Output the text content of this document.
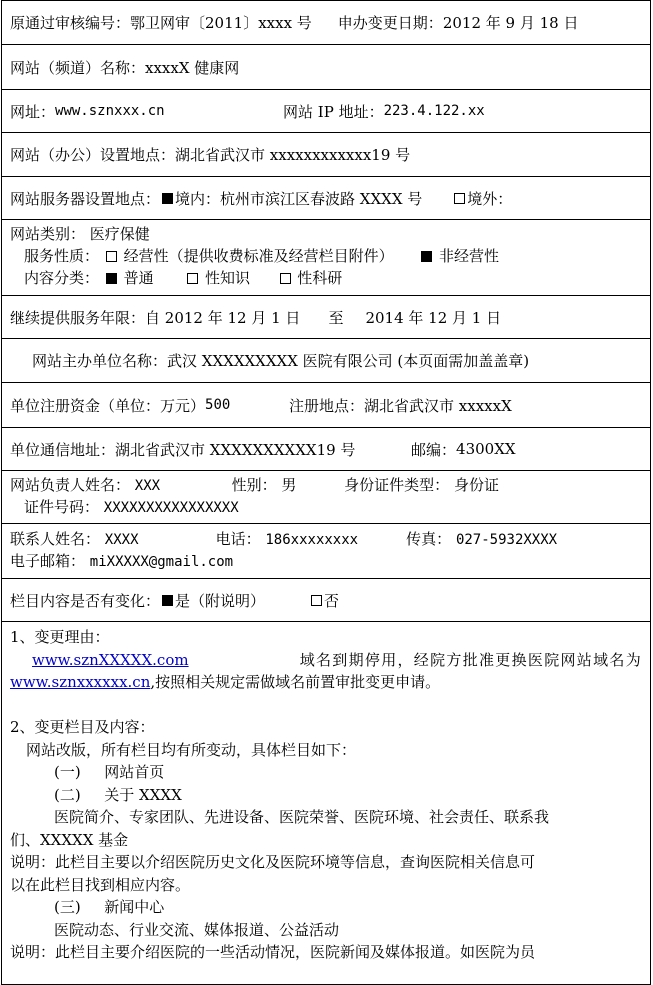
原通过审核编号： 鄂卫网审〔2011〕xxxx 号 申办变更日期： 2012 年 9 月 18 日
网站（频道）名称： xxxxX 健康网
网址： www.sznxxx.cn	网站 IP 地址： 223.4.122.xx
网站（办公）设置地点： 湖北省武汉市 xxxxxxxxxxxx19 号
网站服务器设置地点： 境内： 杭州市滨江区春波路 XXXX 号	境外：
网站类别： 医疗保健
服务性质： 经营性（提供收费标准及经营栏目附件）	非经营性
内容分类： 普通	性知识	性科研
继续提供服务年限： 自 2012 年 12 月 1 日 至 2014 年 12 月 1 日
网站主办单位名称： 武汉 XXXXXXXXX 医院有限公司 (本页面需加盖盖章)
单位注册资金（单位：万元） 500	注册地点： 湖北省武汉市 xxxxxX
单位通信地址： 湖北省武汉市 XXXXXXXXXX19 号	邮编： 4300XX
网站负责人姓名： XXX	性别： 男	身份证件类型： 身份证
证件号码： XXXXXXXXXXXXXXXX
联系人姓名： XXXX	电话： 186xxxxxxxx	传真： 027-5932XXXX
电子邮箱： miXXXXX@gmail.com
栏目内容是否有变化： 是（附说明）	否
1、变更理由：
www.sznXXXXX.com	域名到期停用，经院方批准更换医院网站域名为
www.sznxxxxxx.cn,按照相关规定需做域名前置审批变更申请。
2、变更栏目及内容：
网站改版，所有栏目均有所变动，具体栏目如下：
(一) 网站首页
(二) 关于 XXXX
医院简介、专家团队、先进设备、医院荣誉、医院环境、社会责任、联系我
们、XXXXX 基金
说明：此栏目主要以介绍医院历史文化及医院环境等信息，查询医院相关信息可
以在此栏目找到相应内容。
(三) 新闻中心
医院动态、行业交流、媒体报道、公益活动
说明：此栏目主要介绍医院的一些活动情况，医院新闻及媒体报道。如医院为员
